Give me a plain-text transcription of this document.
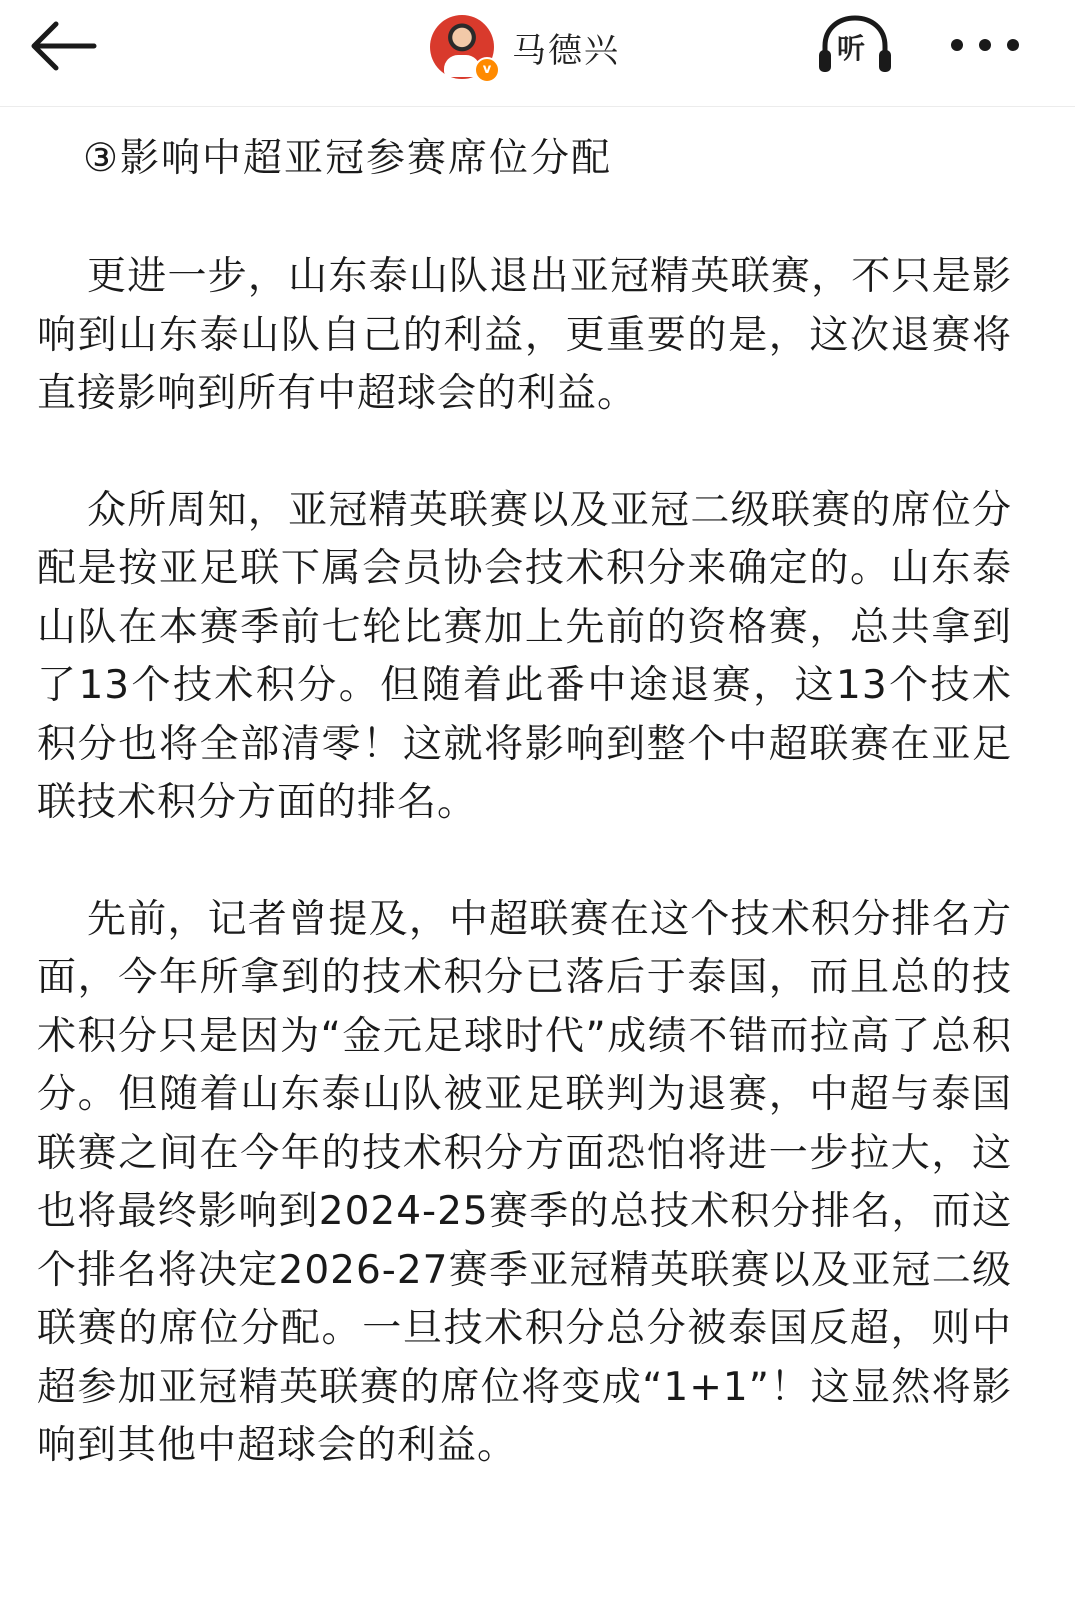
v 马德兴	听
③影响中超亚冠参赛席位分配

更进一步，山东泰山队退出亚冠精英联赛，不只是影响到山东泰山队自己的利益，更重要的是，这次退赛将直接影响到所有中超球会的利益。

众所周知，亚冠精英联赛以及亚冠二级联赛的席位分配是按亚足联下属会员协会技术积分来确定的。山东泰山队在本赛季前七轮比赛加上先前的资格赛，总共拿到了13个技术积分。但随着此番中途退赛，这13个技术积分也将全部清零！这就将影响到整个中超联赛在亚足联技术积分方面的排名。

先前，记者曾提及，中超联赛在这个技术积分排名方面，今年所拿到的技术积分已落后于泰国，而且总的技术积分只是因为“金元足球时代”成绩不错而拉高了总积分。但随着山东泰山队被亚足联判为退赛，中超与泰国联赛之间在今年的技术积分方面恐怕将进一步拉大，这也将最终影响到2024-25赛季的总技术积分排名，而这个排名将决定2026-27赛季亚冠精英联赛以及亚冠二级联赛的席位分配。一旦技术积分总分被泰国反超，则中超参加亚冠精英联赛的席位将变成“1+1”！这显然将影响到其他中超球会的利益。
